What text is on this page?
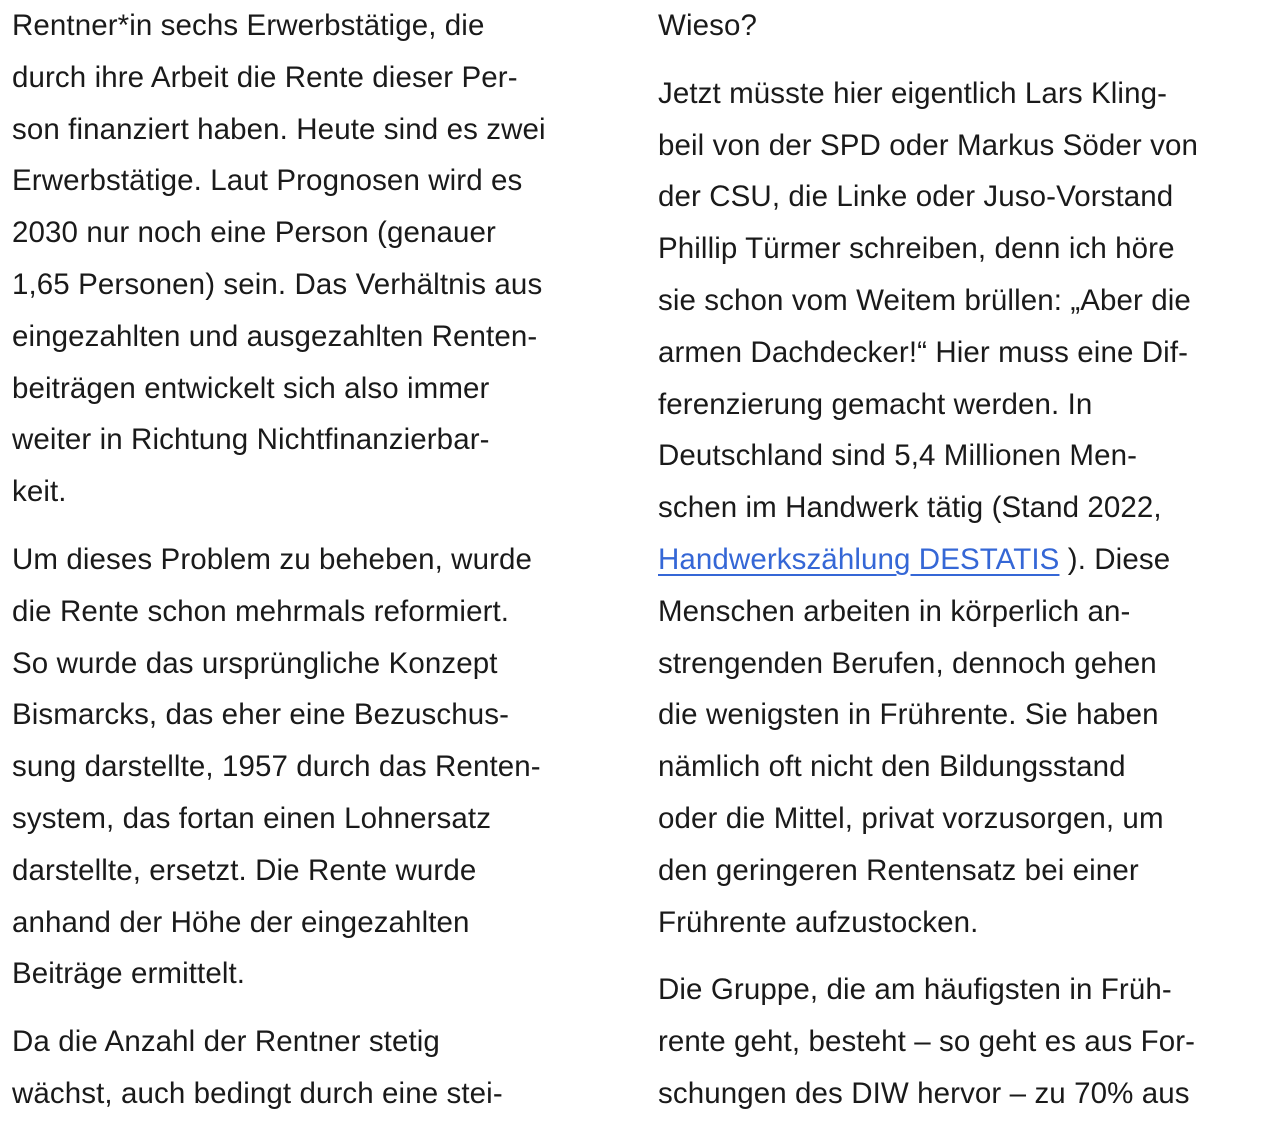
Rentner*in sechs Erwerbstätige, die
durch ihre Arbeit die Rente dieser Per-
son finanziert haben. Heute sind es zwei
Erwerbstätige. Laut Prognosen wird es
2030 nur noch eine Person (genauer
1,65 Personen) sein. Das Verhältnis aus
eingezahlten und ausgezahlten Renten-
beiträgen entwickelt sich also immer
weiter in Richtung Nichtfinanzierbar-
keit.

Um dieses Problem zu beheben, wurde
die Rente schon mehrmals reformiert.
So wurde das ursprüngliche Konzept
Bismarcks, das eher eine Bezuschus-
sung darstellte, 1957 durch das Renten-
system, das fortan einen Lohnersatz
darstellte, ersetzt. Die Rente wurde
anhand der Höhe der eingezahlten
Beiträge ermittelt.

Da die Anzahl der Rentner stetig
wächst, auch bedingt durch eine stei-

Wieso?

Jetzt müsste hier eigentlich Lars Kling-
beil von der SPD oder Markus Söder von
der CSU, die Linke oder Juso-Vorstand
Phillip Türmer schreiben, denn ich höre
sie schon vom Weitem brüllen: „Aber die
armen Dachdecker!“ Hier muss eine Dif-
ferenzierung gemacht werden. In
Deutschland sind 5,4 Millionen Men-
schen im Handwerk tätig (Stand 2022,
Handwerkszählung DESTATIS ). Diese
Menschen arbeiten in körperlich an-
strengenden Berufen, dennoch gehen
die wenigsten in Frührente. Sie haben
nämlich oft nicht den Bildungsstand
oder die Mittel, privat vorzusorgen, um
den geringeren Rentensatz bei einer
Frührente aufzustocken.

Die Gruppe, die am häufigsten in Früh-
rente geht, besteht – so geht es aus For-
schungen des DIW hervor – zu 70% aus
